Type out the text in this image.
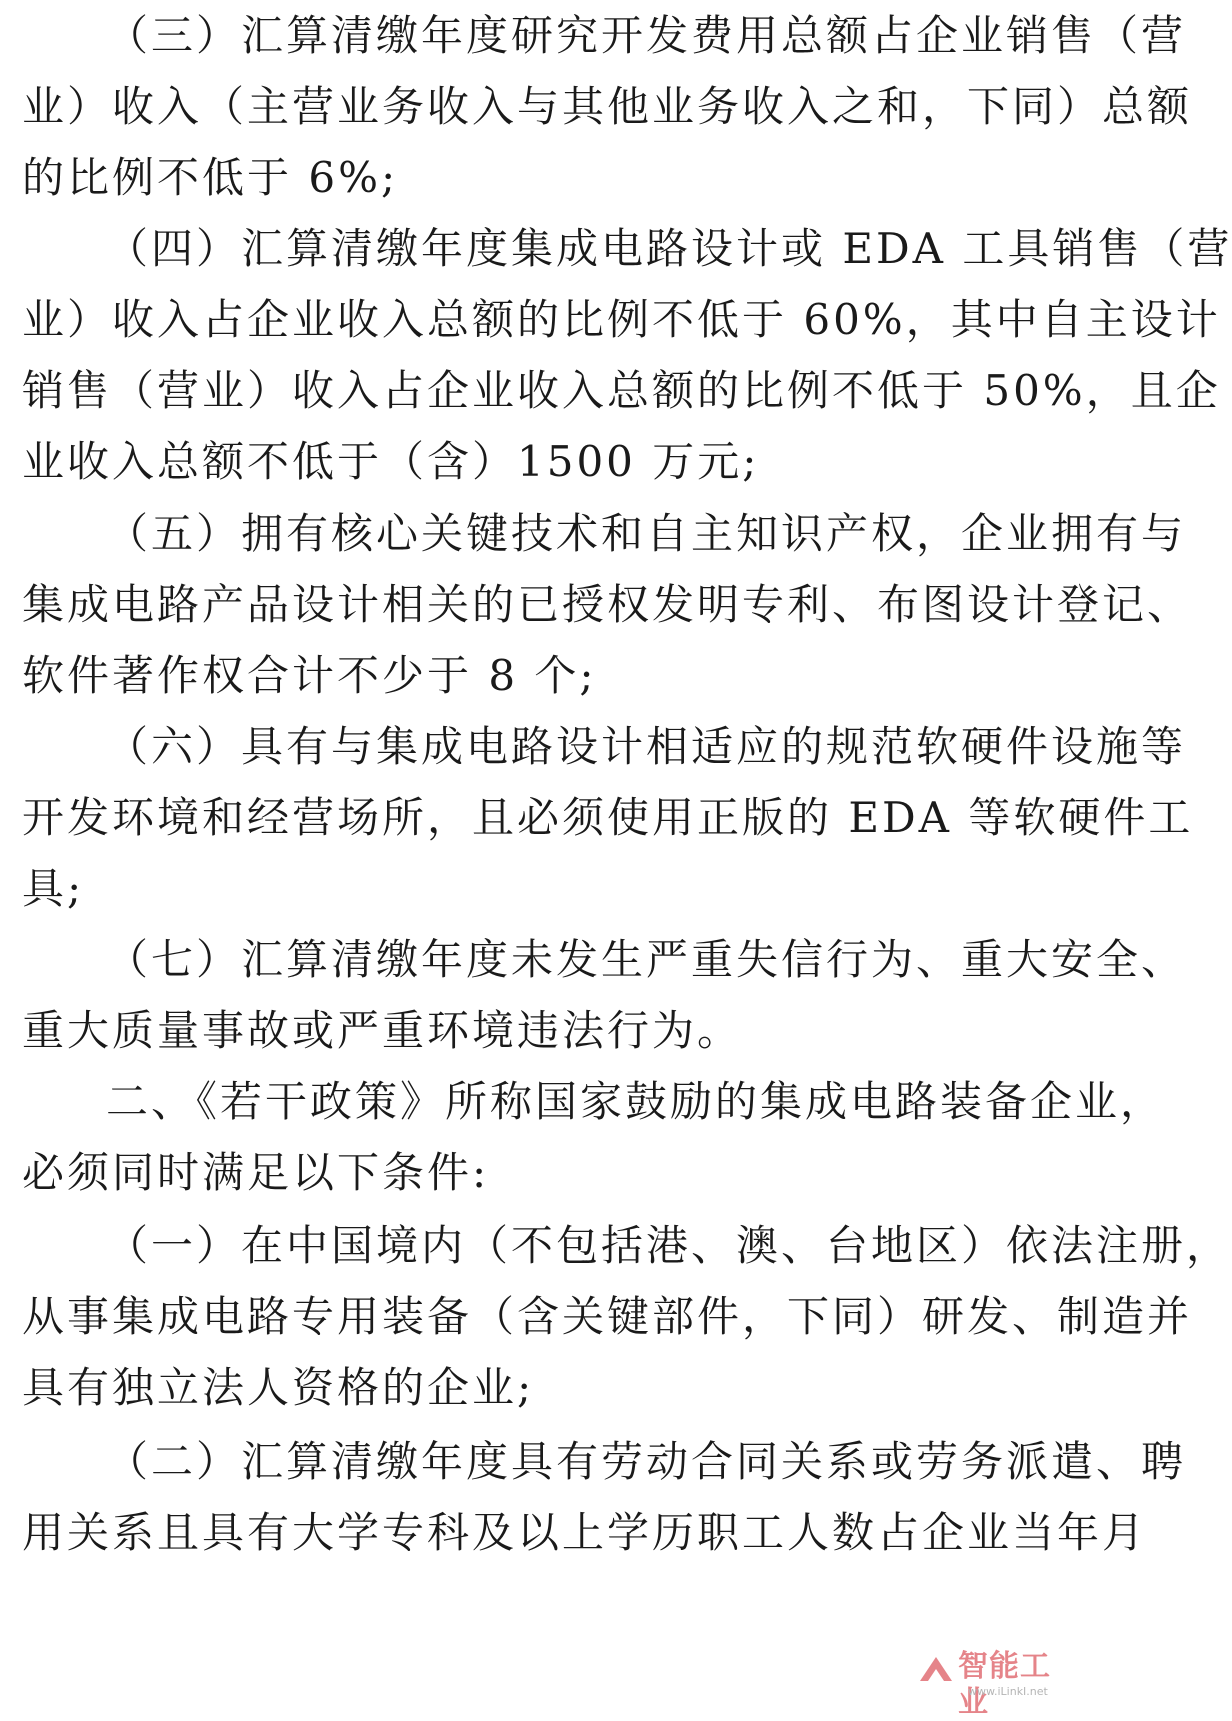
（三）汇算清缴年度研究开发费用总额占企业销售（营
业）收入（主营业务收入与其他业务收入之和，下同）总额
的比例不低于 6%;
（四）汇算清缴年度集成电路设计或 EDA 工具销售（营
业）收入占企业收入总额的比例不低于 60%，其中自主设计
销售（营业）收入占企业收入总额的比例不低于 50%，且企
业收入总额不低于（含）1500 万元;
（五）拥有核心关键技术和自主知识产权，企业拥有与
集成电路产品设计相关的已授权发明专利、布图设计登记、
软件著作权合计不少于 8 个;
（六）具有与集成电路设计相适应的规范软硬件设施等
开发环境和经营场所，且必须使用正版的 EDA 等软硬件工
具;
（七）汇算清缴年度未发生严重失信行为、重大安全、
重大质量事故或严重环境违法行为。
二、《若干政策》所称国家鼓励的集成电路装备企业，
必须同时满足以下条件:
（一）在中国境内（不包括港、澳、台地区）依法注册，
从事集成电路专用装备（含关键部件，下同）研发、制造并
具有独立法人资格的企业;
（二）汇算清缴年度具有劳动合同关系或劳务派遣、聘
用关系且具有大学专科及以上学历职工人数占企业当年月
智能工业
www.iLinkI.net
